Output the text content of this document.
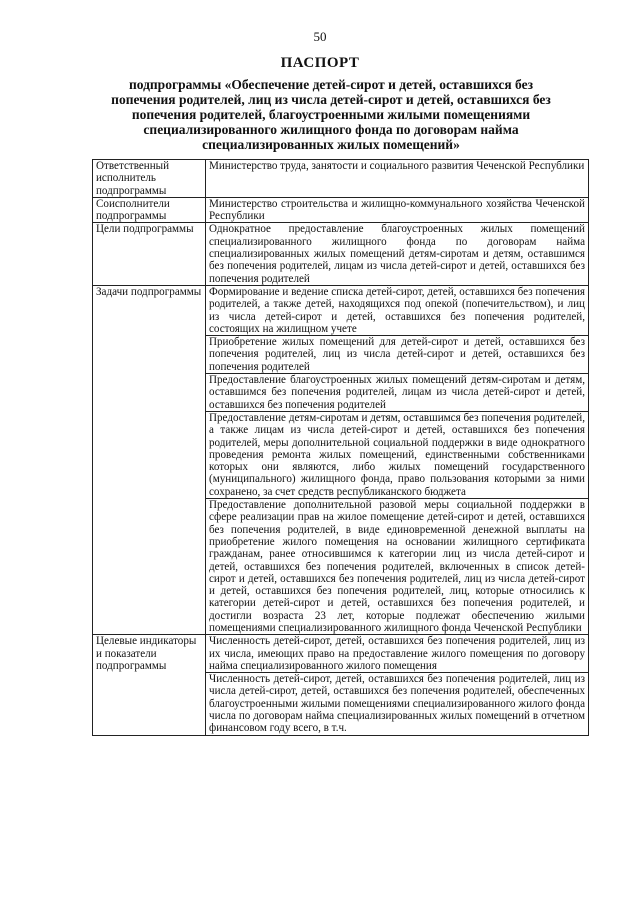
50
ПАСПОРТ
подпрограммы «Обеспечение детей-сирот и детей, оставшихся без попечения родителей, лиц из числа детей-сирот и детей, оставшихся без попечения родителей, благоустроенными жилыми помещениями специализированного жилищного фонда по договорам найма специализированных жилых помещений»
Ответственный исполнитель подпрограммы	Министерство труда, занятости и социального развития Чеченской Республики
Соисполнители подпрограммы	Министерство строительства и жилищно-коммунального хозяйства Чеченской Республики
Цели подпрограммы	Однократное предоставление благоустроенных жилых помещений специализированного жилищного фонда по договорам найма специализированных жилых помещений детям-сиротам и детям, оставшимся без попечения родителей, лицам из числа детей-сирот и детей, оставшихся без попечения родителей
Задачи подпрограммы	Формирование и ведение списка детей-сирот, детей, оставшихся без попечения родителей, а также детей, находящихся под опекой (попечительством), и лиц из числа детей-сирот и детей, оставшихся без попечения родителей, состоящих на жилищном учете
	Приобретение жилых помещений для детей-сирот и детей, оставшихся без попечения родителей, лиц из числа детей-сирот и детей, оставшихся без попечения родителей
	Предоставление благоустроенных жилых помещений детям-сиротам и детям, оставшимся без попечения родителей, лицам из числа детей-сирот и детей, оставшихся без попечения родителей
	Предоставление детям-сиротам и детям, оставшимся без попечения родителей, а также лицам из числа детей-сирот и детей, оставшихся без попечения родителей, меры дополнительной социальной поддержки в виде однократного проведения ремонта жилых помещений, единственными собственниками которых они являются, либо жилых помещений государственного (муниципального) жилищного фонда, право пользования которыми за ними сохранено, за счет средств республиканского бюджета
	Предоставление дополнительной разовой меры социальной поддержки в сфере реализации прав на жилое помещение детей-сирот и детей, оставшихся без попечения родителей, в виде единовременной денежной выплаты на приобретение жилого помещения на основании жилищного сертификата гражданам, ранее относившимся к категории лиц из числа детей-сирот и детей, оставшихся без попечения родителей, включенных в список детей-сирот и детей, оставшихся без попечения родителей, лиц из числа детей-сирот и детей, оставшихся без попечения родителей, лиц, которые относились к категории детей-сирот и детей, оставшихся без попечения родителей, и достигли возраста 23 лет, которые подлежат обеспечению жилыми помещениями специализированного жилищного фонда Чеченской Республики
Целевые индикаторы и показатели подпрограммы	Численность детей-сирот, детей, оставшихся без попечения родителей, лиц из их числа, имеющих право на предоставление жилого помещения по договору найма специализированного жилого помещения
	Численность детей-сирот, детей, оставшихся без попечения родителей, лиц из числа детей-сирот, детей, оставшихся без попечения родителей, обеспеченных благоустроенными жилыми помещениями специализированного жилого фонда числа по договорам найма специализированных жилых помещений в отчетном финансовом году всего, в т.ч.
